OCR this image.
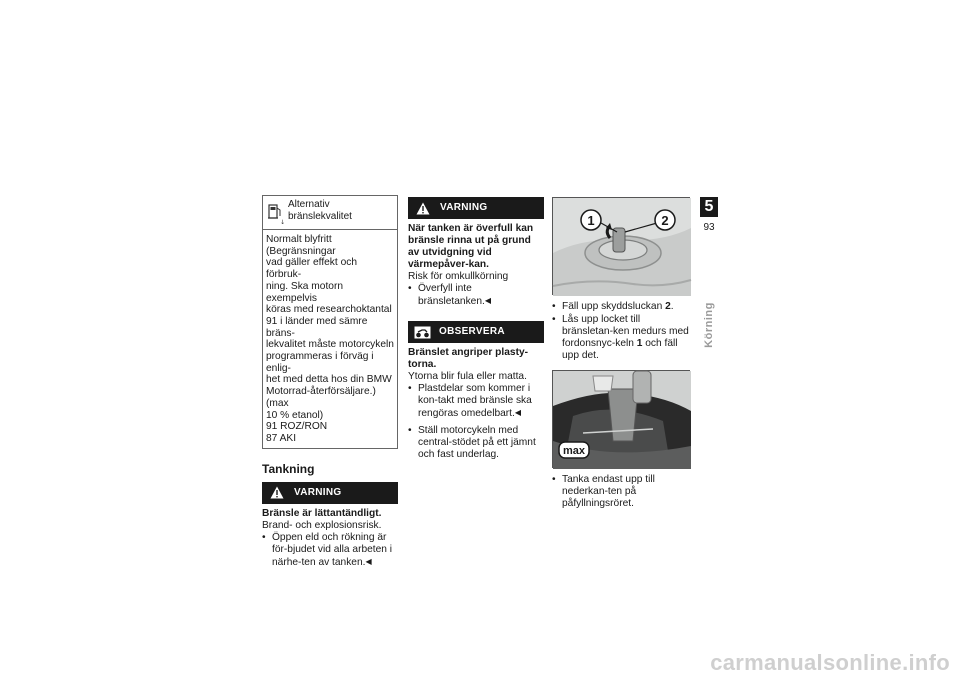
↓
Alternativ bränslekvalitet
Normalt blyfritt (Begränsningar
vad gäller effekt och förbruk-
ning. Ska motorn exempelvis
köras med researchoktantal
91 i länder med sämre bräns-
lekvalitet måste motorcykeln
programmeras i förväg i enlig-
het med detta hos din BMW
Motorrad-återförsäljare.) (max
10 % etanol)
91 ROZ/RON
87 AKI
Tankning
VARNING
Bränsle är lättantändligt.
Brand- och explosionsrisk.
• Öppen eld och rökning är för-bjudet vid alla arbeten i närhe-ten av tanken.◀
VARNING
När tanken är överfull kan bränsle rinna ut på grund av utvidgning vid värmepåver-kan.
Risk för omkullkörning
• Överfyll inte bränsletanken.◀
OBSERVERA
Bränslet angriper plasty-torna.
Ytorna blir fula eller matta.
• Plastdelar som kommer i kon-takt med bränsle ska rengöras omedelbart.◀
• Ställ motorcykeln med central-stödet på ett jämnt och fast underlag.
1	2
• Fäll upp skyddsluckan 2.
• Lås upp locket till bränsletan-ken medurs med fordonsnyc-keln 1 och fäll upp det.
max
• Tanka endast upp till nederkan-ten på påfyllningsröret.
5
93
Körning
carmanualsonline.info
